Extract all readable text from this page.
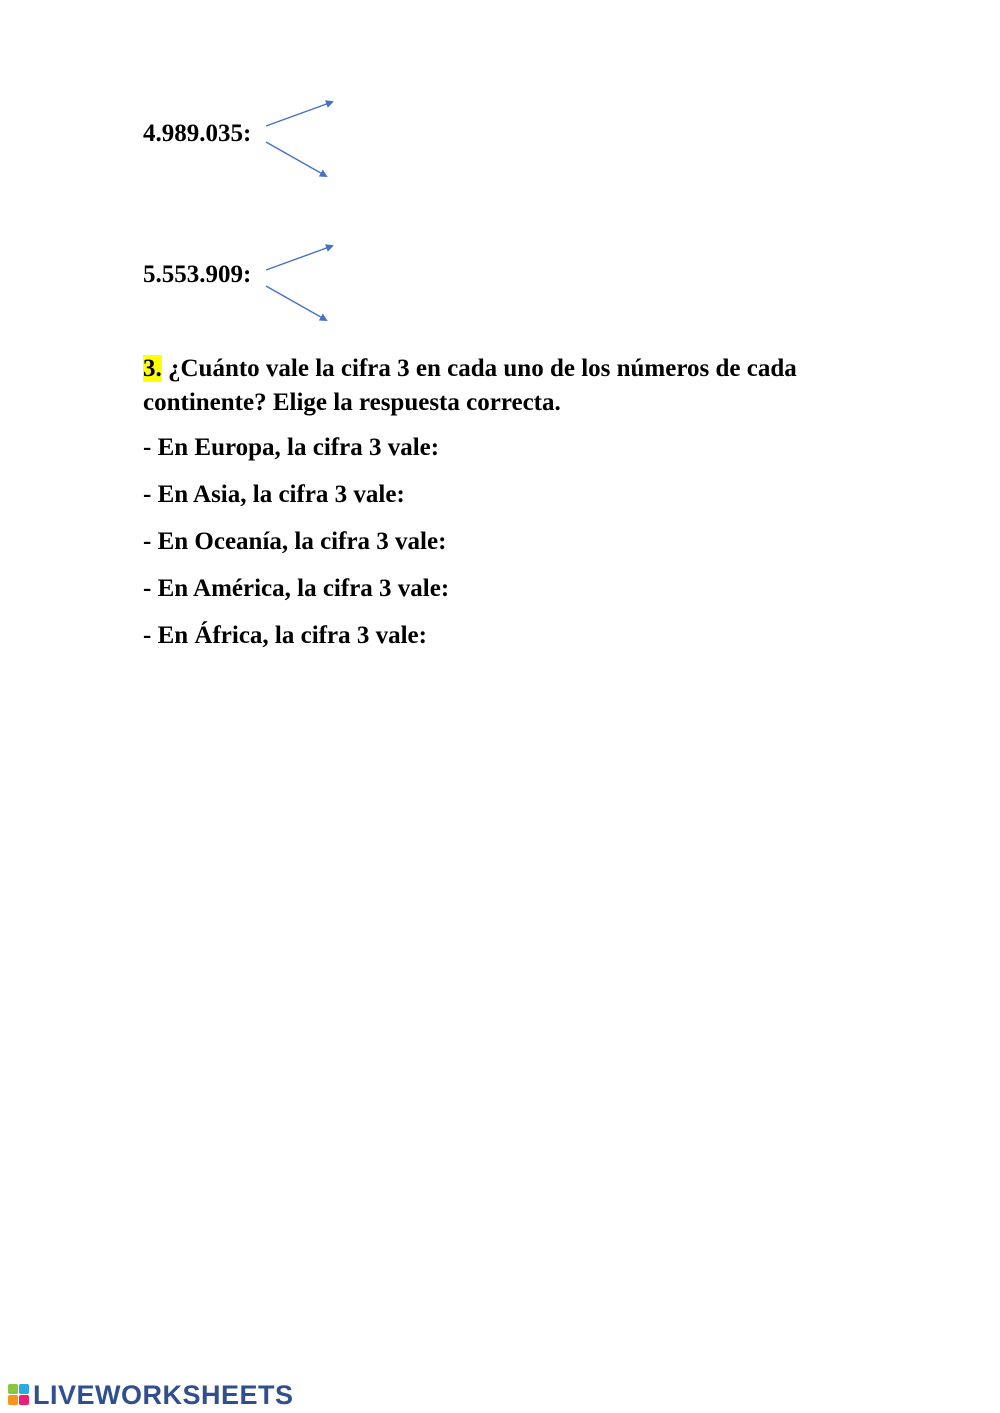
4.989.035:
5.553.909:
3. ¿Cuánto vale la cifra 3 en cada uno de los números de cada continente? Elige la respuesta correcta.
- En Europa, la cifra 3 vale:
- En Asia, la cifra 3 vale:
- En Oceanía, la cifra 3 vale:
- En América, la cifra 3 vale:
- En África, la cifra 3 vale:
LIVEWORKSHEETS
